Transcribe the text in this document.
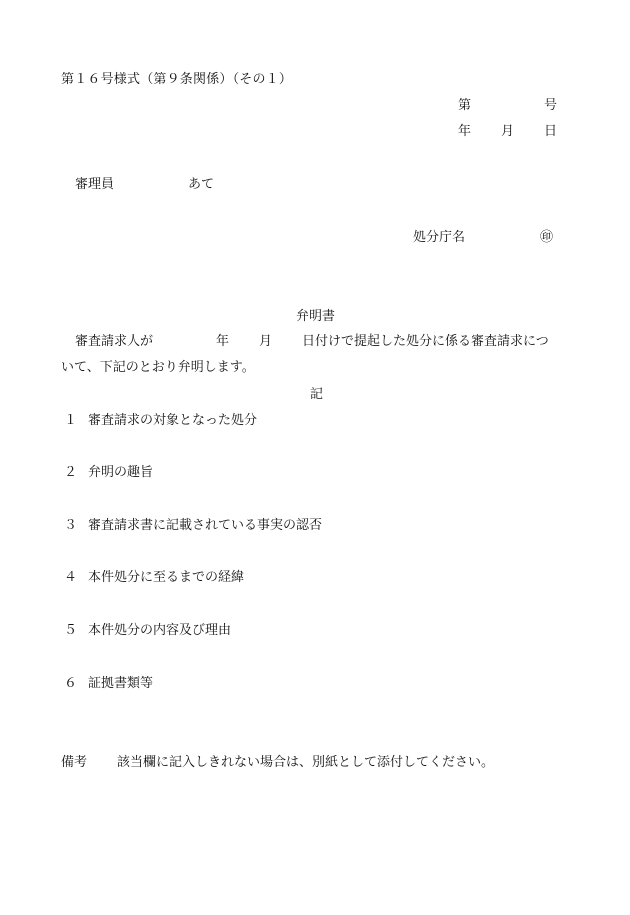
第１６号様式（第９条関係）（その１）
第	号
年 月 日
審理員	あて
処分庁名	㊞
弁明書
審査請求人が	年 月 日付けで提起した処分に係る審査請求につ
いて、下記のとおり弁明します。
記
１ 審査請求の対象となった処分
２ 弁明の趣旨
３ 審査請求書に記載されている事実の認否
４ 本件処分に至るまでの経緯
５ 本件処分の内容及び理由
６ 証拠書類等
備考 該当欄に記入しきれない場合は、別紙として添付してください。
